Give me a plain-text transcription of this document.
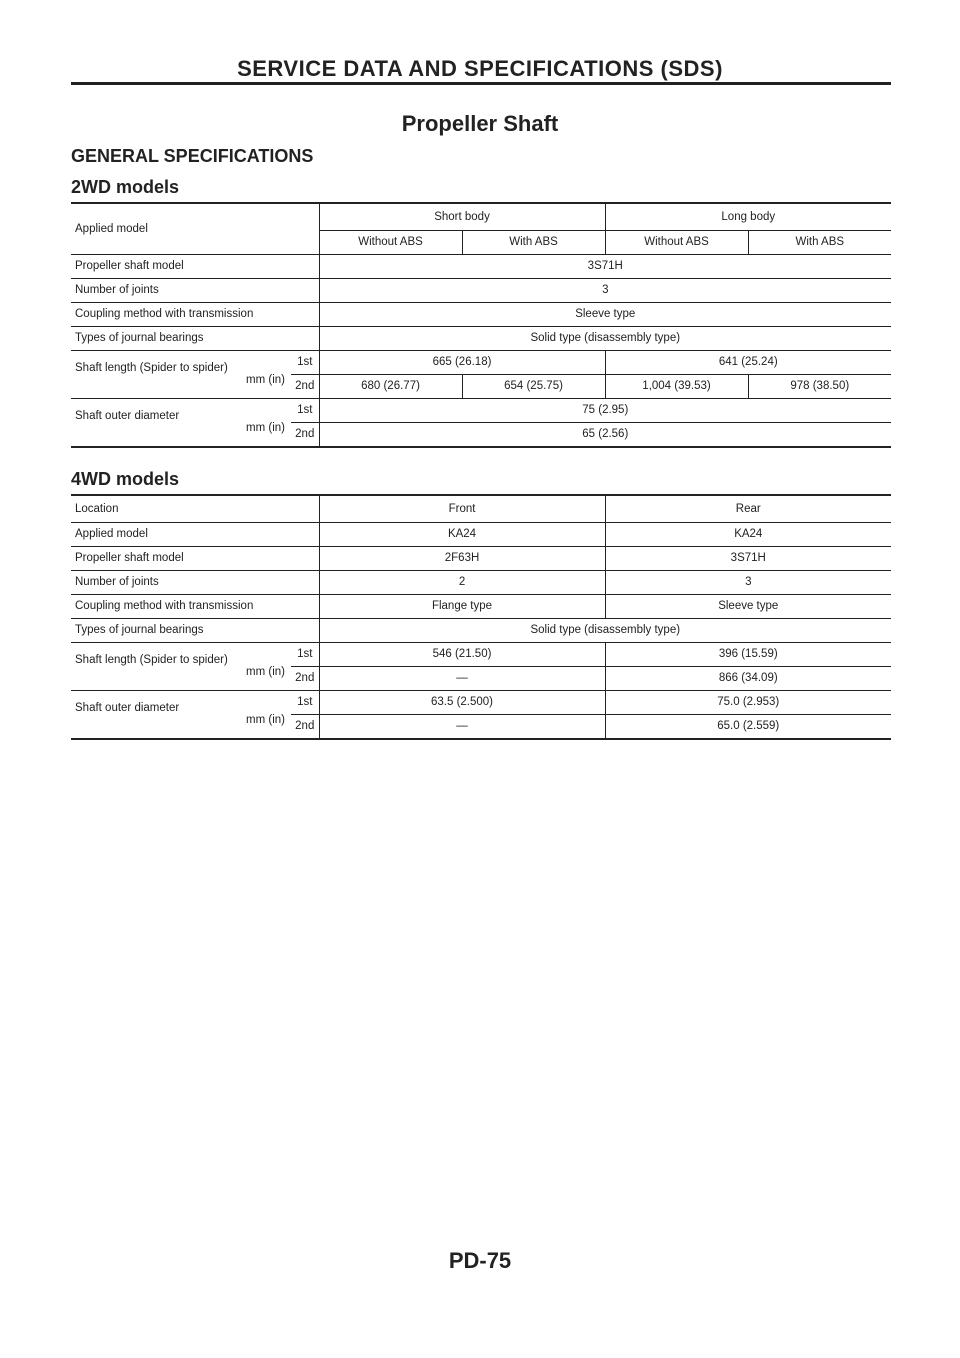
SERVICE DATA AND SPECIFICATIONS (SDS)
Propeller Shaft
GENERAL SPECIFICATIONS
2WD models
Applied model		Short body		Long body	
		Without ABS	With ABS	Without ABS	With ABS
Propeller shaft model		3S71H			
Number of joints		3			
Coupling method with transmission		Sleeve type			
Types of journal bearings		Solid type (disassembly type)			

Shaft length (Spider to spider)
mm (in)	1st	665 (26.18)		641 (25.24)	
	2nd	680 (26.77)	654 (25.75)	1,004 (39.53)	978 (38.50)

Shaft outer diameter
mm (in)	1st	75 (2.95)			
	2nd	65 (2.56)			
4WD models
Location		Front	Rear
Applied model		KA24	KA24
Propeller shaft model		2F63H	3S71H
Number of joints		2	3
Coupling method with transmission		Flange type	Sleeve type
Types of journal bearings		Solid type (disassembly type)	

Shaft length (Spider to spider)
mm (in)	1st	546 (21.50)	396 (15.59)
	2nd	—	866 (34.09)

Shaft outer diameter
mm (in)	1st	63.5 (2.500)	75.0 (2.953)
	2nd	—	65.0 (2.559)
PD-75
